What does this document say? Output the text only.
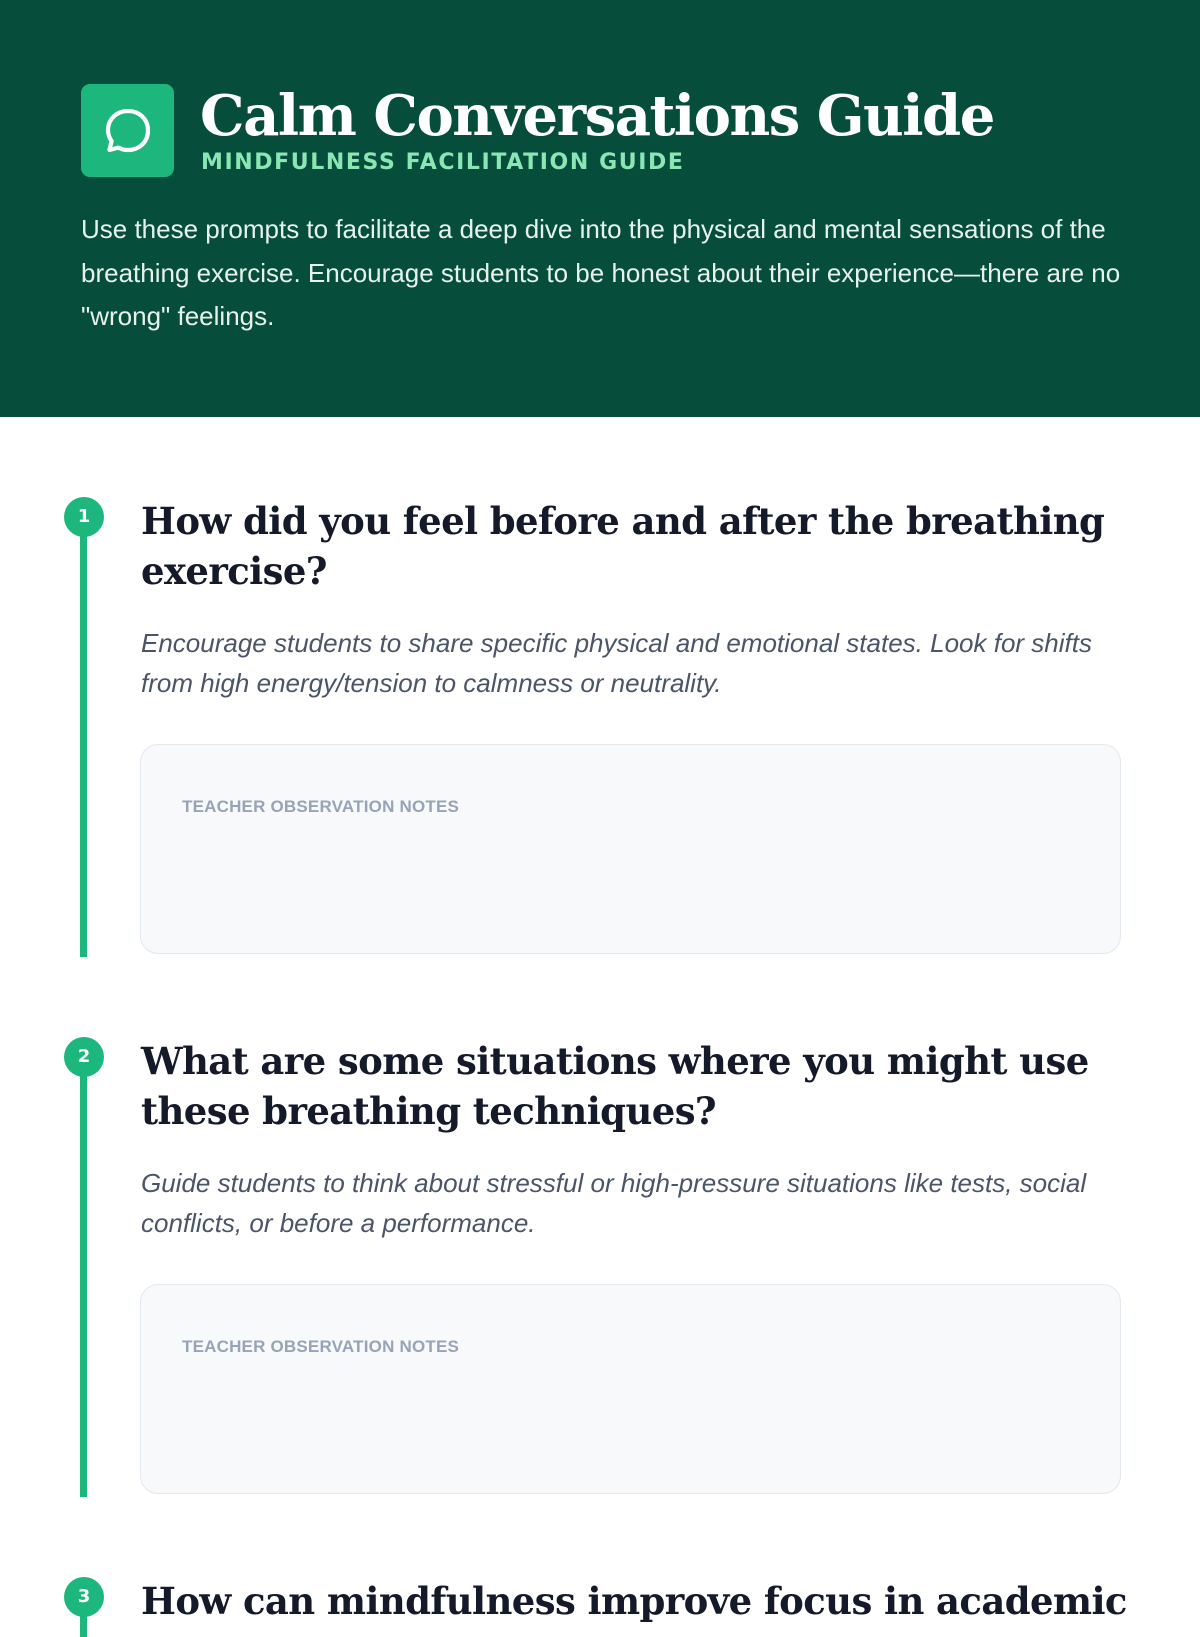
Calm Conversations Guide
MINDFULNESS FACILITATION GUIDE

Use these prompts to facilitate a deep dive into the physical and mental sensations of the breathing exercise. Encourage students to be honest about their experience—there are no "wrong" feelings.

1	How did you feel before and after the breathing exercise?

Encourage students to share specific physical and emotional states. Look for shifts from high energy/tension to calmness or neutrality.

TEACHER OBSERVATION NOTES
2	What are some situations where you might use these breathing techniques?

Guide students to think about stressful or high-pressure situations like tests, social conflicts, or before a performance.

TEACHER OBSERVATION NOTES
3	How can mindfulness improve focus in academic
